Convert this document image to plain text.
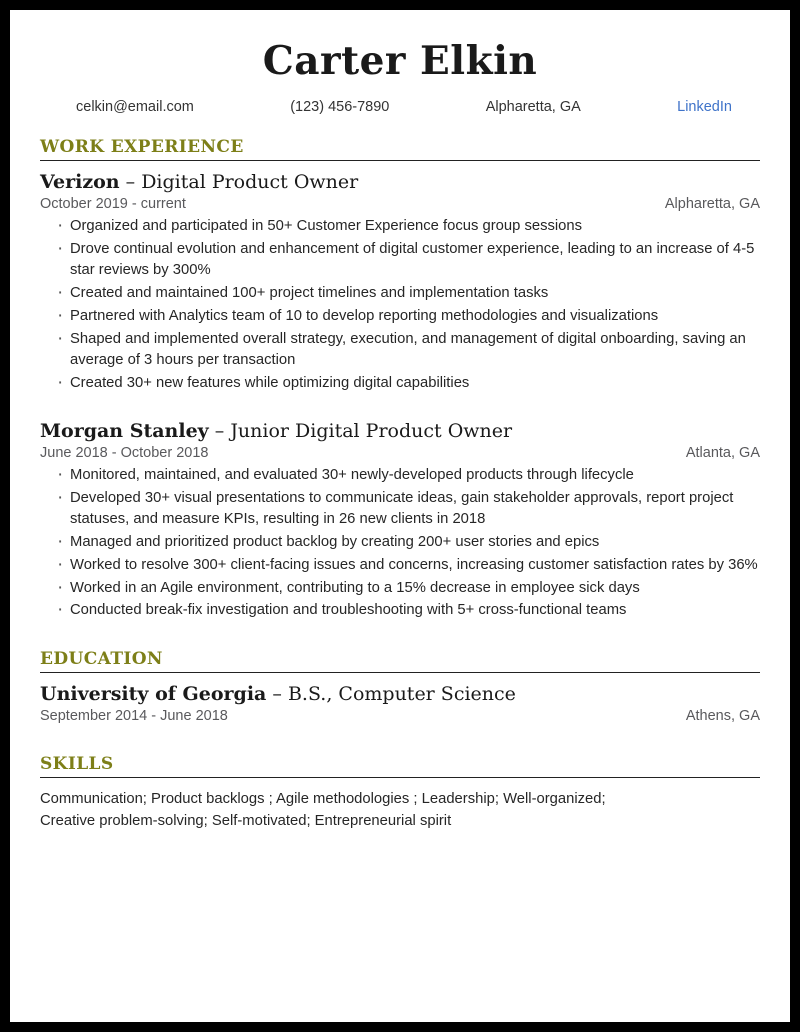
Carter Elkin
celkin@email.com	(123) 456-7890	Alpharetta, GA	LinkedIn
WORK EXPERIENCE
Verizon – Digital Product Owner
October 2019 - current	Alpharetta, GA
· Organized and participated in 50+ Customer Experience focus group sessions
· Drove continual evolution and enhancement of digital customer experience, leading to an increase of 4-5 star reviews by 300%
· Created and maintained 100+ project timelines and implementation tasks
· Partnered with Analytics team of 10 to develop reporting methodologies and visualizations
· Shaped and implemented overall strategy, execution, and management of digital onboarding, saving an average of 3 hours per transaction
· Created 30+ new features while optimizing digital capabilities
Morgan Stanley – Junior Digital Product Owner
June 2018 - October 2018	Atlanta, GA
· Monitored, maintained, and evaluated 30+ newly-developed products through lifecycle
· Developed 30+ visual presentations to communicate ideas, gain stakeholder approvals, report project statuses, and measure KPIs, resulting in 26 new clients in 2018
· Managed and prioritized product backlog by creating 200+ user stories and epics
· Worked to resolve 300+ client-facing issues and concerns, increasing customer satisfaction rates by 36%
· Worked in an Agile environment, contributing to a 15% decrease in employee sick days
· Conducted break-fix investigation and troubleshooting with 5+ cross-functional teams
EDUCATION
University of Georgia – B.S., Computer Science
September 2014 - June 2018	Athens, GA
SKILLS
Communication; Product backlogs ; Agile methodologies ; Leadership; Well-organized;
Creative problem-solving; Self-motivated; Entrepreneurial spirit
